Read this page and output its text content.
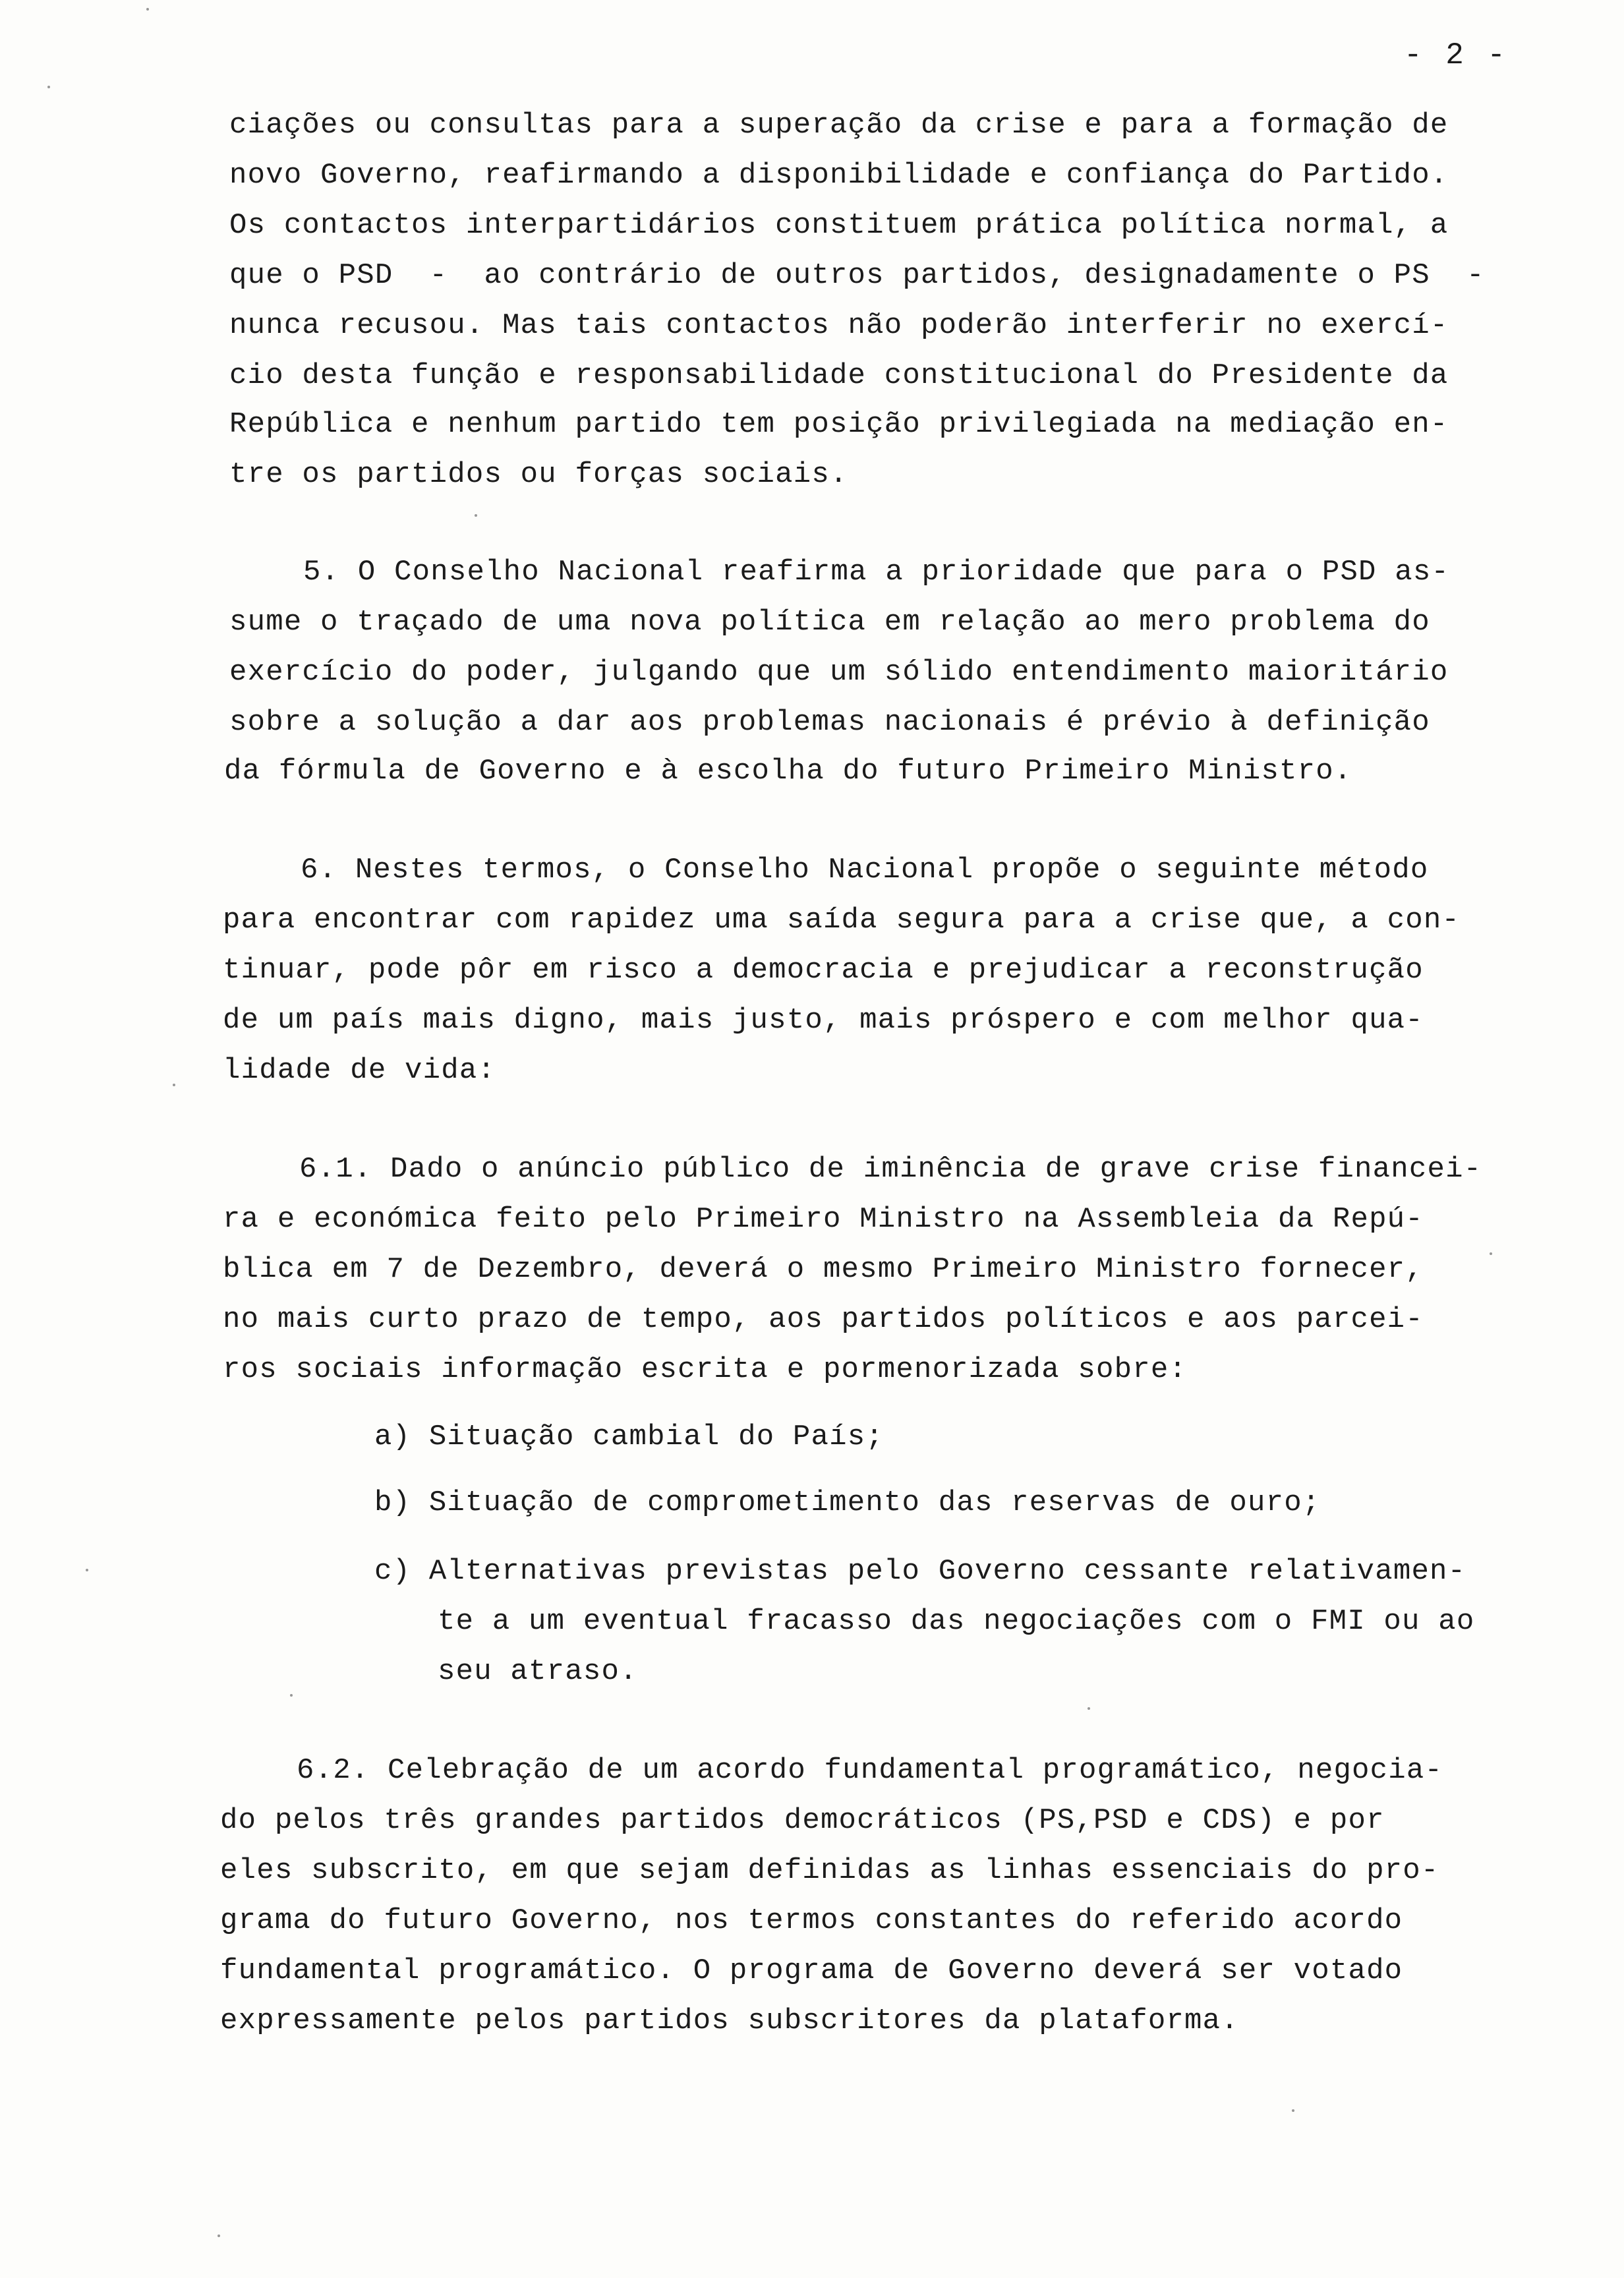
- 2 -
ciações ou consultas para a superação da crise e para a formação de
novo Governo, reafirmando a disponibilidade e confiança do Partido.
Os contactos interpartidários constituem prática política normal, a
que o PSD  -  ao contrário de outros partidos, designadamente o PS  -
nunca recusou. Mas tais contactos não poderão interferir no exercí-
cio desta função e responsabilidade constitucional do Presidente da
República e nenhum partido tem posição privilegiada na mediação en-
tre os partidos ou forças sociais.
5. O Conselho Nacional reafirma a prioridade que para o PSD as-
sume o traçado de uma nova política em relação ao mero problema do
exercício do poder, julgando que um sólido entendimento maioritário
sobre a solução a dar aos problemas nacionais é prévio à definição
da fórmula de Governo e à escolha do futuro Primeiro Ministro.
6. Nestes termos, o Conselho Nacional propõe o seguinte método
para encontrar com rapidez uma saída segura para a crise que, a con-
tinuar, pode pôr em risco a democracia e prejudicar a reconstrução
de um país mais digno, mais justo, mais próspero e com melhor qua-
lidade de vida:
6.1. Dado o anúncio público de iminência de grave crise financei-
ra e económica feito pelo Primeiro Ministro na Assembleia da Repú-
blica em 7 de Dezembro, deverá o mesmo Primeiro Ministro fornecer,
no mais curto prazo de tempo, aos partidos políticos e aos parcei-
ros sociais informação escrita e pormenorizada sobre:
a) Situação cambial do País;
b) Situação de comprometimento das reservas de ouro;
c) Alternativas previstas pelo Governo cessante relativamen-
te a um eventual fracasso das negociações com o FMI ou ao
seu atraso.
6.2. Celebração de um acordo fundamental programático, negocia-
do pelos três grandes partidos democráticos (PS,PSD e CDS) e por
eles subscrito, em que sejam definidas as linhas essenciais do pro-
grama do futuro Governo, nos termos constantes do referido acordo
fundamental programático. O programa de Governo deverá ser votado
expressamente pelos partidos subscritores da plataforma.
